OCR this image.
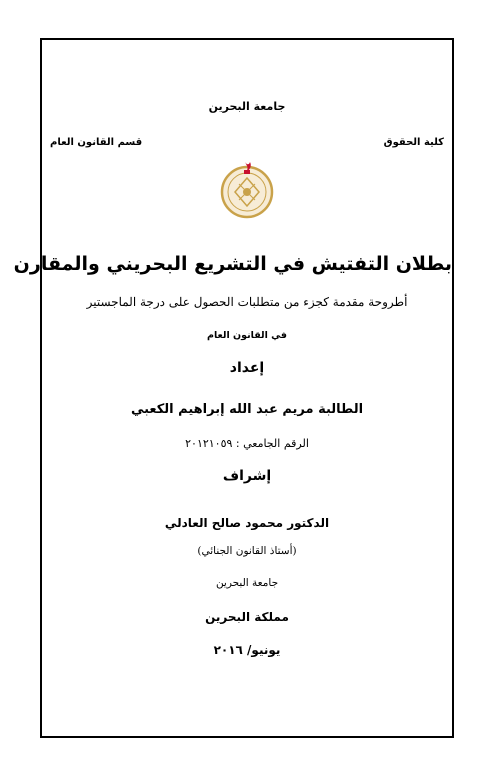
جامعة البحرين
كلية الحقوق
قسم القانون العام
بطلان التفتيش في التشريع البحريني والمقارن
أطروحة مقدمة كجزء من متطلبات الحصول على درجة الماجستير
في القانون العام
إعداد
الطالبة مريم عبد الله إبراهيم الكعبي
الرقم الجامعي : ٢٠١٢١٠٥٩
إشراف
الدكتور محمود صالح العادلي
(أستاذ القانون الجنائي)
جامعة البحرين
مملكة البحرين
يونيو/ ٢٠١٦
